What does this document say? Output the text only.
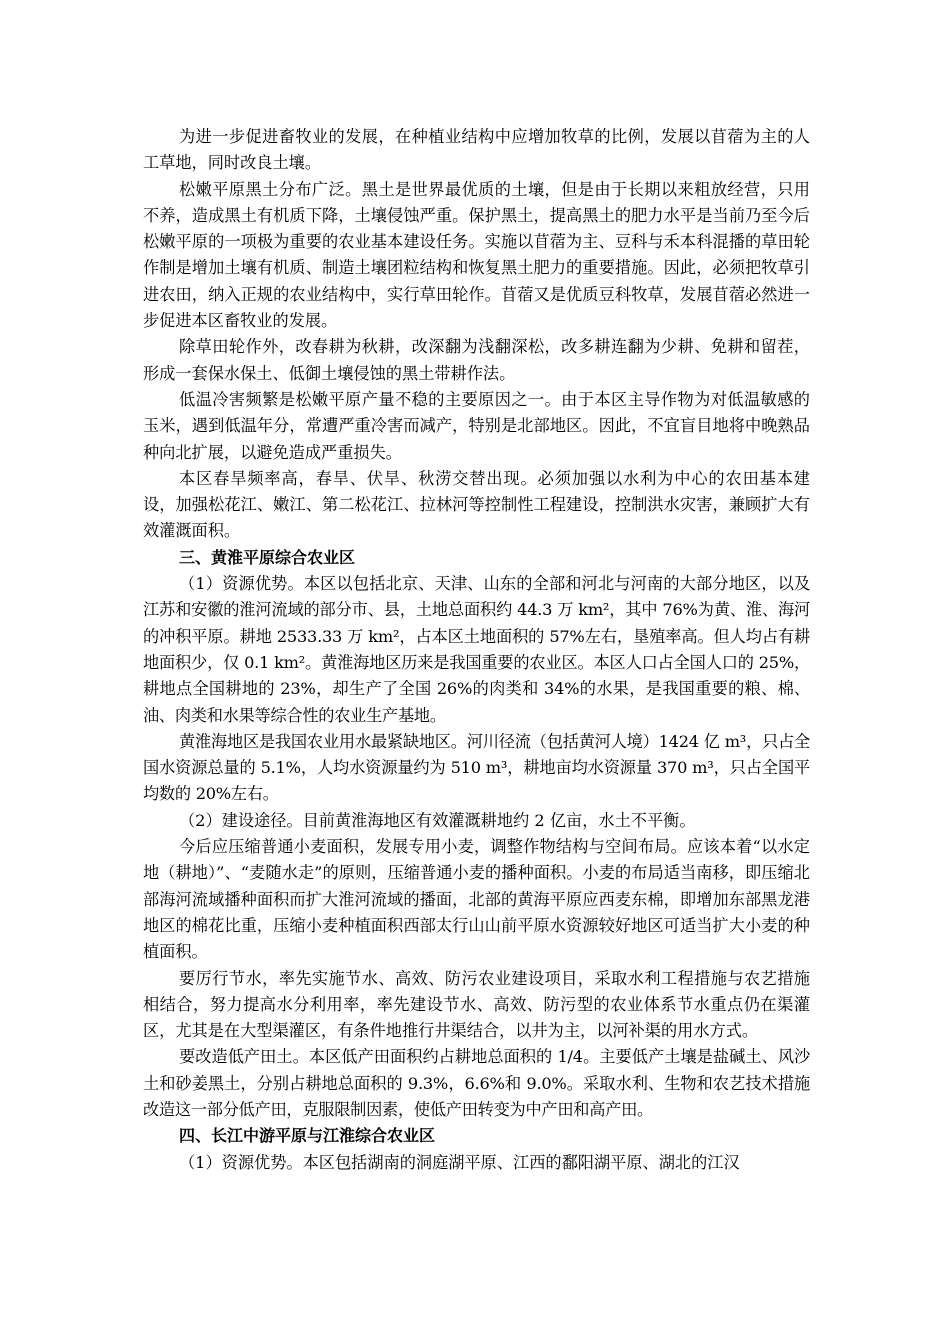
为进一步促进畜牧业的发展，在种植业结构中应增加牧草的比例，发展以苜蓿为主的人工草地，同时改良土壤。

松嫩平原黑土分布广泛。黑土是世界最优质的土壤，但是由于长期以来粗放经营，只用不养，造成黑土有机质下降，土壤侵蚀严重。保护黑土，提高黑土的肥力水平是当前乃至今后松嫩平原的一项极为重要的农业基本建设任务。实施以苜蓿为主、豆科与禾本科混播的草田轮作制是增加土壤有机质、制造土壤团粒结构和恢复黑土肥力的重要措施。因此，必须把牧草引进农田，纳入正规的农业结构中，实行草田轮作。苜蓿又是优质豆科牧草，发展苜蓿必然进一步促进本区畜牧业的发展。

除草田轮作外，改春耕为秋耕，改深翻为浅翻深松，改多耕连翻为少耕、免耕和留茬，形成一套保水保土、低御土壤侵蚀的黑土带耕作法。

低温冷害频繁是松嫩平原产量不稳的主要原因之一。由于本区主导作物为对低温敏感的玉米，遇到低温年分，常遭严重冷害而减产，特别是北部地区。因此，不宜盲目地将中晚熟品种向北扩展，以避免造成严重损失。

本区春旱频率高，春旱、伏旱、秋涝交替出现。必须加强以水利为中心的农田基本建设，加强松花江、嫩江、第二松花江、拉林河等控制性工程建设，控制洪水灾害，兼顾扩大有效灌溉面积。

三、黄淮平原综合农业区

（1）资源优势。本区以包括北京、天津、山东的全部和河北与河南的大部分地区，以及江苏和安徽的淮河流域的部分市、县，土地总面积约 44.3 万 km²，其中 76%为黄、淮、海河的冲积平原。耕地 2533.33 万 km²，占本区土地面积的 57%左右，垦殖率高。但人均占有耕地面积少，仅 0.1 km²。黄淮海地区历来是我国重要的农业区。本区人口占全国人口的 25%，耕地点全国耕地的 23%，却生产了全国 26%的肉类和 34%的水果，是我国重要的粮、棉、油、肉类和水果等综合性的农业生产基地。

黄淮海地区是我国农业用水最紧缺地区。河川径流（包括黄河人境）1424 亿 m³，只占全国水资源总量的 5.1%，人均水资源量约为 510 m³，耕地亩均水资源量 370 m³，只占全国平均数的 20%左右。

（2）建设途径。目前黄淮海地区有效灌溉耕地约 2 亿亩，水土不平衡。

今后应压缩普通小麦面积，发展专用小麦，调整作物结构与空间布局。应该本着“以水定地（耕地）”、“麦随水走”的原则，压缩普通小麦的播种面积。小麦的布局适当南移，即压缩北部海河流域播种面积而扩大淮河流域的播面，北部的黄海平原应西麦东棉，即增加东部黑龙港地区的棉花比重，压缩小麦种植面积西部太行山山前平原水资源较好地区可适当扩大小麦的种植面积。

要厉行节水，率先实施节水、高效、防污农业建设项目，采取水利工程措施与农艺措施相结合，努力提高水分利用率，率先建设节水、高效、防污型的农业体系节水重点仍在渠灌区，尤其是在大型渠灌区，有条件地推行井渠结合，以井为主，以河补渠的用水方式。

要改造低产田土。本区低产田面积约占耕地总面积的 1/4。主要低产土壤是盐碱土、风沙土和砂姜黑土，分别占耕地总面积的 9.3%，6.6%和 9.0%。采取水利、生物和农艺技术措施改造这一部分低产田，克服限制因素，使低产田转变为中产田和高产田。

四、长江中游平原与江淮综合农业区

（1）资源优势。本区包括湖南的洞庭湖平原、江西的鄱阳湖平原、湖北的江汉
